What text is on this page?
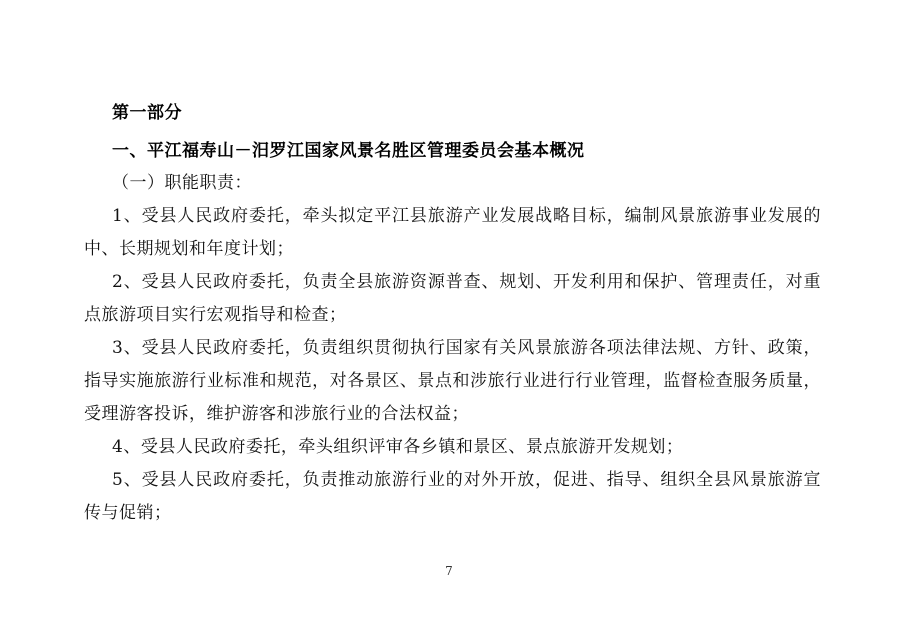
第一部分
一、平江福寿山－汨罗江国家风景名胜区管理委员会基本概况

（一）职能职责：

1、受县人民政府委托，牵头拟定平江县旅游产业发展战略目标，编制风景旅游事业发展的中、长期规划和年度计划；

2、受县人民政府委托，负责全县旅游资源普查、规划、开发利用和保护、管理责任，对重点旅游项目实行宏观指导和检查；

3、受县人民政府委托，负责组织贯彻执行国家有关风景旅游各项法律法规、方针、政策，指导实施旅游行业标准和规范，对各景区、景点和涉旅行业进行行业管理，监督检查服务质量，受理游客投诉，维护游客和涉旅行业的合法权益；

4、受县人民政府委托，牵头组织评审各乡镇和景区、景点旅游开发规划；

5、受县人民政府委托，负责推动旅游行业的对外开放，促进、指导、组织全县风景旅游宣传与促销；

7
